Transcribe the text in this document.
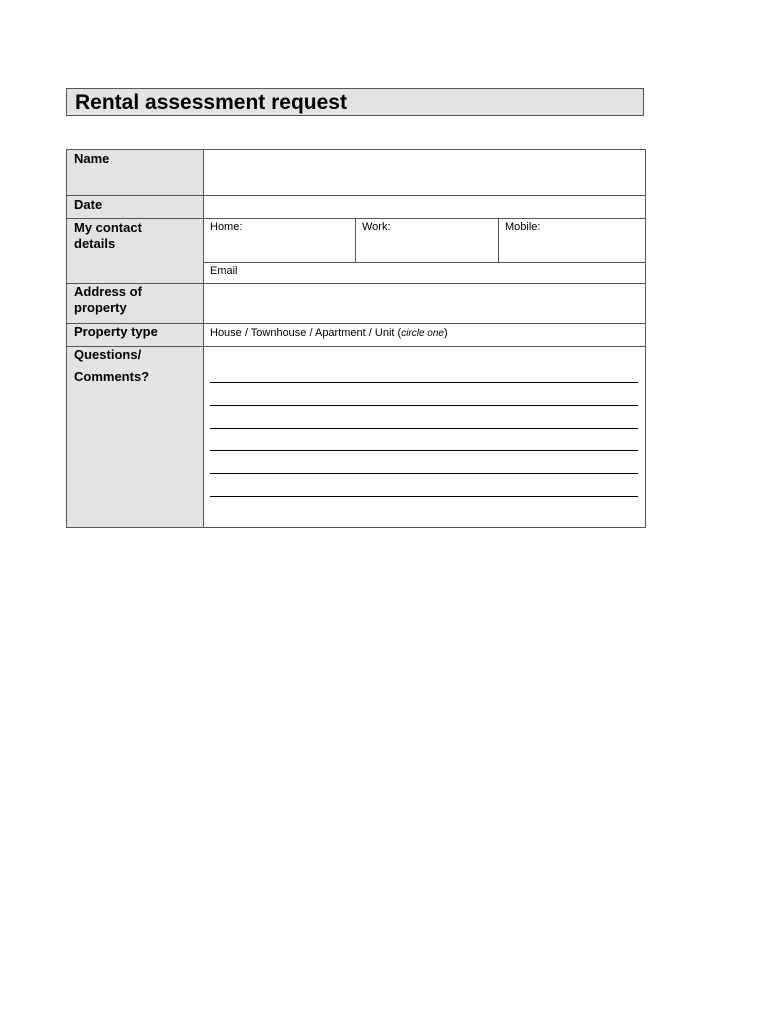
Rental assessment request
Name
Date
My contact details
Address of property
Property type
Questions/
Comments?
Home:	Work:	Mobile:
Email
House / Townhouse / Apartment / Unit (circle one)
